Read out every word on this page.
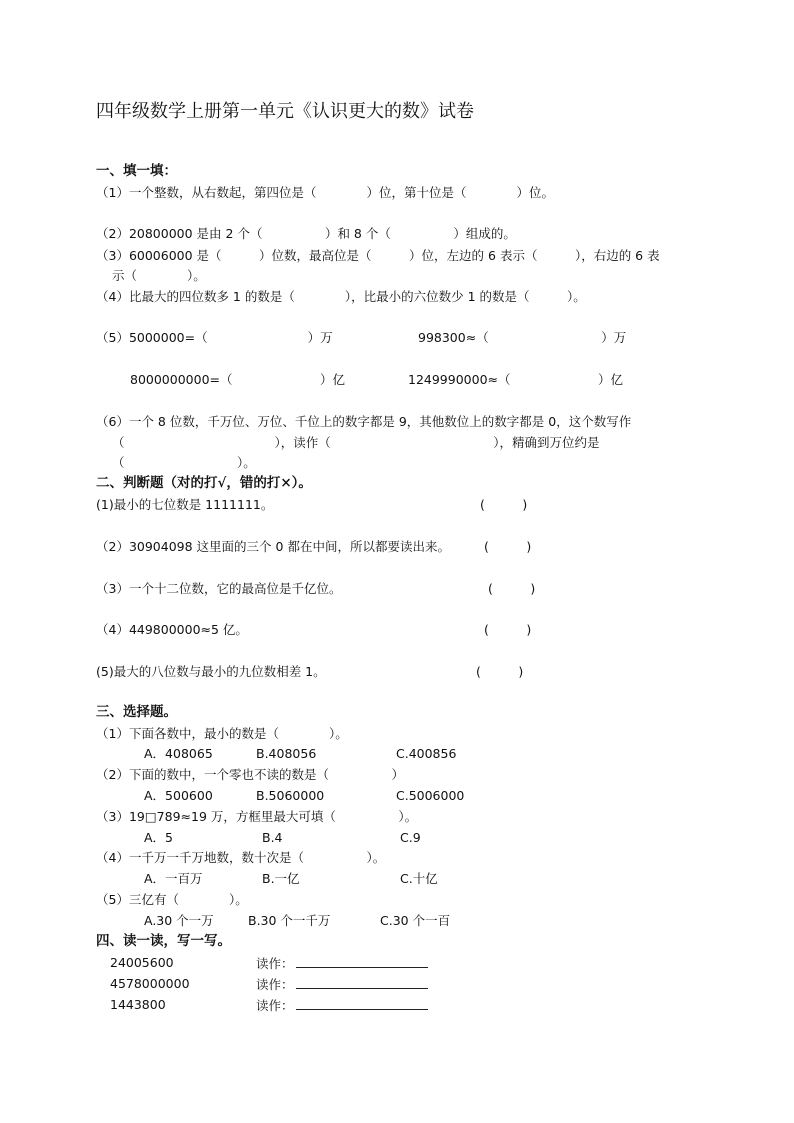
四年级数学上册第一单元《认识更大的数》试卷
一、填一填：
（1）一个整数，从右数起，第四位是（　　　　）位，第十位是（　　　　）位。
（2）20800000 是由 2 个（　　　　　）和 8 个（　　　　　）组成的。
（3）60006000 是（　　　）位数，最高位是（　　　）位，左边的 6 表示（　　　），右边的 6 表
示（　　　　）。
（4）比最大的四位数多 1 的数是（　　　　），比最小的六位数少 1 的数是（　　　）。
（5）5000000=（　　　　　　　　）万	998300≈（　　　　　　　　　）万
8000000000=（　　　　　　　）亿	1249990000≈（　　　　　　　）亿
（6）一个 8 位数，千万位、万位、千位上的数字都是 9，其他数位上的数字都是 0，这个数写作
（　　　　　　　　　　　　），读作（　　　　　　　　　　　　　），精确到万位约是
（　　　　　　　　　）。
二、判断题（对的打√，错的打×）。
(1)最小的七位数是 1111111。	(　　　)
（2）30904098 这里面的三个 0 都在中间，所以都要读出来。	(　　　)
（3）一个十二位数，它的最高位是千亿位。	(　　　)
（4）449800000≈5 亿。	(　　　)
(5)最大的八位数与最小的九位数相差 1。	(　　　)
三、选择题。
（1）下面各数中，最小的数是（　　　　）。
A．408065	B.408056	C.400856
（2）下面的数中，一个零也不读的数是（　　　　　）
A．500600	B.5060000	C.5006000
（3）19□789≈19 万，方框里最大可填（　　　　　）。
A．5	B.4	C.9
（4）一千万一千万地数，数十次是（　　　　　）。
A．一百万	B.一亿	C.十亿
（5）三亿有（　　　　）。
A.30 个一万	B.30 个一千万	C.30 个一百
四、读一读，写一写。
24005600	读作：
4578000000	读作：
1443800	读作：
